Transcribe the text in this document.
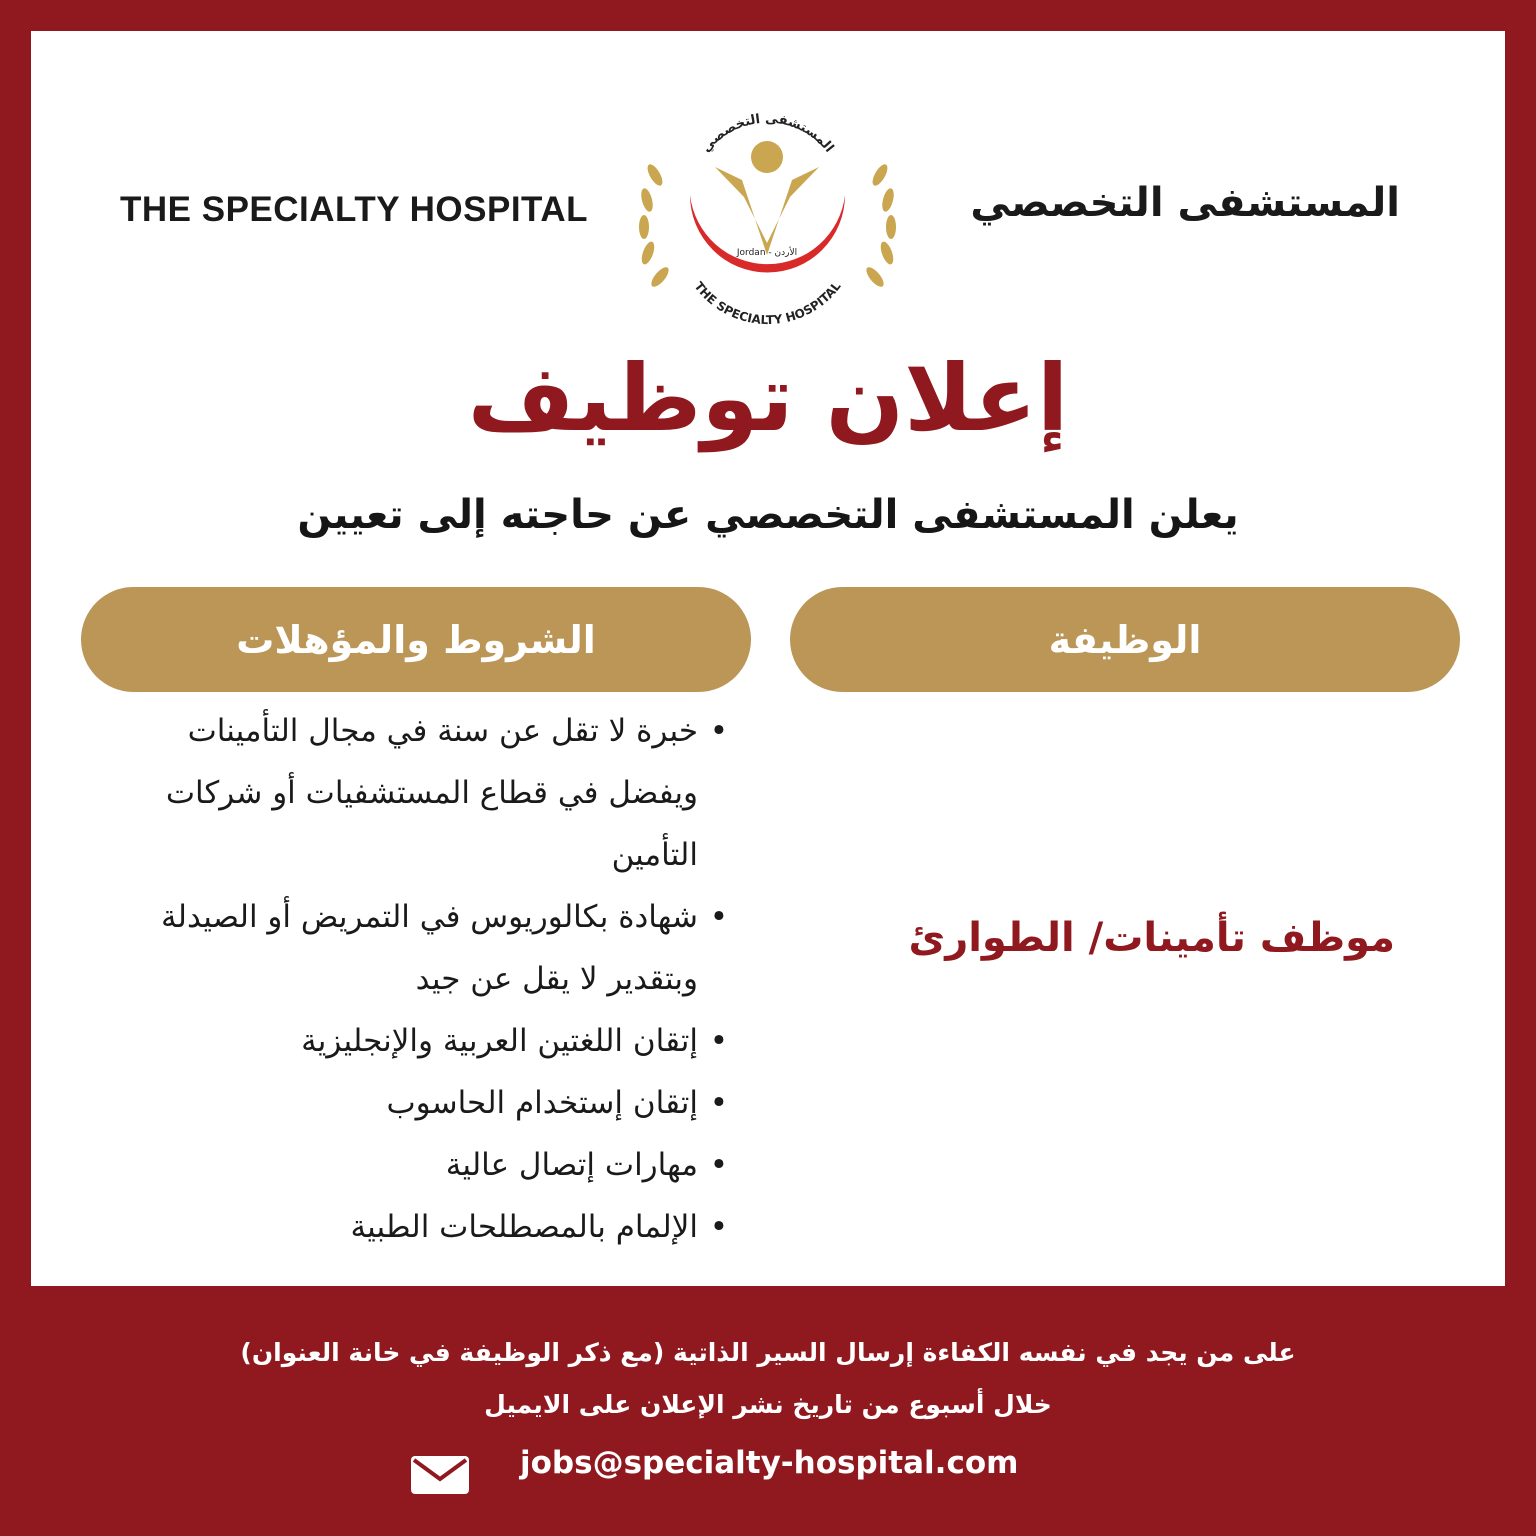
THE SPECIALTY HOSPITAL
المستشفى التخصصي
Jordan - الأردن
THE SPECIALTY HOSPITAL
المستشفى التخصصي
إعلان توظيف
يعلن المستشفى التخصصي عن حاجته إلى تعيين
الوظيفة
الشروط والمؤهلات
موظف تأمينات/ الطوارئ
•
خبرة لا تقل عن سنة في مجال التأمينات ويفضل في قطاع المستشفيات أو شركات التأمين
•
شهادة بكالوريوس في التمريض أو الصيدلة وبتقدير لا يقل عن جيد
•
إتقان اللغتين العربية والإنجليزية
•
إتقان إستخدام الحاسوب
•
مهارات إتصال عالية
•
الإلمام بالمصطلحات الطبية
على من يجد في نفسه الكفاءة إرسال السير الذاتية (مع ذكر الوظيفة في خانة العنوان)
خلال أسبوع من تاريخ نشر الإعلان على الايميل
jobs@specialty-hospital.com
